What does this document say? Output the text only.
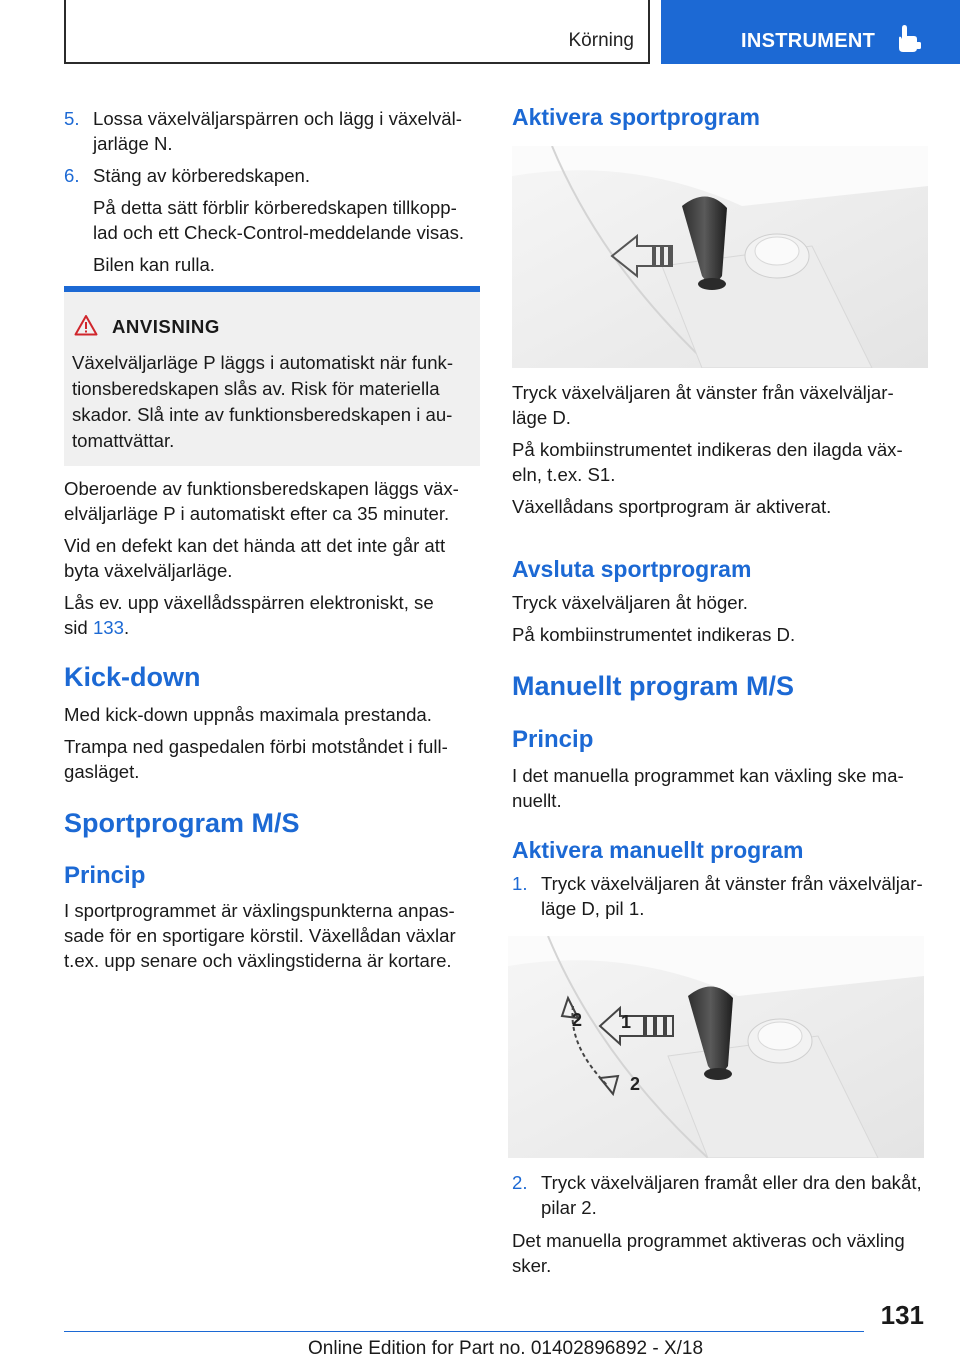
Körning	INSTRUMENT
5. Lossa växelväljarspärren och lägg i växelväl‐
jarläge N.
6. Stäng av körberedskapen.
På detta sätt förblir körberedskapen tillkopp‐
lad och ett Check-Control-meddelande visas.
Bilen kan rulla.
ANVISNING
Växelväljarläge P läggs i automatiskt när funk‐
tionsberedskapen slås av. Risk för materiella
skador. Slå inte av funktionsberedskapen i au‐
tomattvättar.
Oberoende av funktionsberedskapen läggs väx‐
elväljarläge P i automatiskt efter ca 35 minuter.
Vid en defekt kan det hända att det inte går att
byta växelväljarläge.
Lås ev. upp växellådsspärren elektroniskt, se
sid 133.
Kick-down
Med kick-down uppnås maximala prestanda.
Trampa ned gaspedalen förbi motståndet i full‐
gasläget.
Sportprogram M/S
Princip
I sportprogrammet är växlingspunkterna anpas‐
sade för en sportigare körstil. Växellådan växlar
t.ex. upp senare och växlingstiderna är kortare.
Aktivera sportprogram
Tryck växelväljaren åt vänster från växelväljar‐
läge D.
På kombiinstrumentet indikeras den ilagda väx‐
eln, t.ex. S1.
Växellådans sportprogram är aktiverat.
Avsluta sportprogram
Tryck växelväljaren åt höger.
På kombiinstrumentet indikeras D.
Manuellt program M/S
Princip
I det manuella programmet kan växling ske ma‐
nuellt.
Aktivera manuellt program
1. Tryck växelväljaren åt vänster från växelväljar‐
läge D, pil 1.
1
2
2
2. Tryck växelväljaren framåt eller dra den bakåt,
pilar 2.
Det manuella programmet aktiveras och växling
sker.
131
Online Edition for Part no. 01402896892 - X/18
